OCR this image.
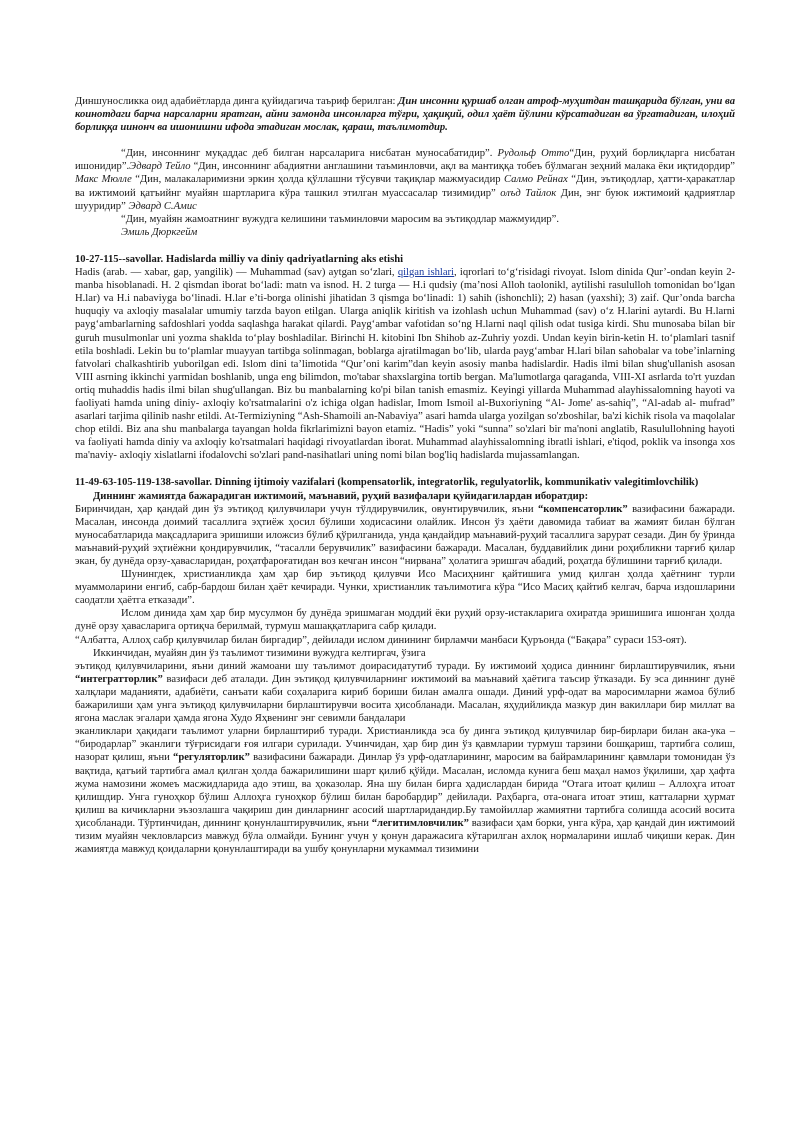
Диншуносликка оид адабиётларда динга қуйидагича таъриф берилган: Дин инсонни қуршаб олган атроф-муҳитдан ташқарида бўлган, уни ва коинотдаги барча нарсаларни яратган, айни замонда инсонларга тўғри, ҳақиқий, одил ҳаёт йўлини кўрсатадиган ва ўргатадиган, илоҳий борлиққа иинонч ва ишонишни ифода этадиган мослак, қараш, таълимотдир.

“Дин, инсоннинг муқаддас деб билган нарсаларига нисбатан муносабатидир”. Рудольф Отто“Дин, руҳий борлиқларга нисбатан ишонидир”.Эдвард Тейло “Дин, инсоннинг абадиятни англашини таъминловчи, ақл ва мантиққа тобеъ бўлмаган зеҳний малака ёки иқтидордир” Макс Мюлле “Дин, малакаларимизни эркин ҳолда қўллашни тўсувчи тақиқлар мажмуасидир Салмо Рейнах “Дин, эътиқодлар, ҳатти-ҳаракатлар ва ижтимоий қатъийнг муайян шартларига кўра ташкил этилган муассасалар тизимидир” олъд Тайлок Дин, энг буюк ижтимоий қадриятлар шууридир” Эдвард С.Амис

“Дин, муайян жамоатнинг вужудга келишини таъминловчи маросим ва эътиқодлар мажмуидир”.

Эмиль Дюркгейм

10-27-115--savollar. Hadislarda milliy va diniy qadriyatlarning aks etishi

Hadis (arab. — xabar, gap, yangilik) — Muhammad (sav) aytgan so‘zlari, qilgan ishlari, iqrorlari to‘g‘risidagi rivoyat. Islom dinida Qur’-ondan keyin 2-manba hisoblanadi. H. 2 qismdan iborat bo‘ladi: matn va isnod. H. 2 turga — H.i qudsiy (ma’nosi Alloh taolonikl, aytilishi rasululloh tomonidan bo‘lgan H.lar) va H.i nabaviyga bo‘linadi. H.lar e’ti-borga olinishi jihatidan 3 qismga bo‘linadi: 1) sahih (ishonchli); 2) hasan (yaxshi); 3) zaif. Qur’onda barcha huquqiy va axloqiy masalalar umumiy tarzda bayon etilgan. Ularga aniqlik kiritish va izohlash uchun Muhammad (sav) o‘z H.larini aytardi. Bu H.larni payg‘ambarlarning safdoshlari yodda saqlashga harakat qilardi. Payg‘ambar vafotidan so‘ng H.larni naql qilish odat tusiga kirdi. Shu munosaba bilan bir guruh musulmonlar uni yozma shaklda to‘play boshladilar. Birinchi H. kitobini Ibn Shihob az-Zuhriy yozdi. Undan keyin birin-ketin H. to‘plamlari tasnif etila boshladi. Lekin bu to‘plamlar muayyan tartibga solinmagan, boblarga ajratilmagan bo‘lib, ularda payg‘ambar H.lari bilan sahobalar va tobe’inlarning fatvolari chalkashtirib yuborilgan edi. Islom dini ta’limotida “Qur’oni karim”dan keyin asosiy manba hadislardir. Hadis ilmi bilan shug'ullanish asosan VIII asrning ikkinchi yarmidan boshlanib, unga eng bilimdon, mo'tabar shaxslargina tortib bergan. Ma'lumotlarga qaraganda, VIII-XI asrlarda to'rt yuzdan ortiq muhaddis hadis ilmi bilan shug'ullangan. Biz bu manbalarning ko'pi bilan tanish emasmiz. Keyingi yillarda Muhammad alayhissalomning hayoti va faoliyati hamda uning diniy- axloqiy ko'rsatmalarini o'z ichiga olgan hadislar, Imom Ismoil al-Buxoriyning “Al- Jome' as-sahiq”, “Al-adab al- mufrad” asarlari tarjima qilinib nashr etildi. At-Termiziyning “Ash-Shamoili an-Nabaviya” asari hamda ularga yozilgan so'zboshilar, ba'zi kichik risola va maqolalar chop etildi. Biz ana shu manbalarga tayangan holda fikrlarimizni bayon etamiz. “Hadis” yoki “sunna” so'zlari bir ma'noni anglatib, Rasulullohning hayoti va faoliyati hamda diniy va axloqiy ko'rsatmalari haqidagi rivoyatlardan iborat. Muhammad alayhissalomning ibratli ishlari, e'tiqod, poklik va insonga xos ma'naviy- axloqiy xislatlarni ifodalovchi so'zlari pand-nasihatlari uning nomi bilan bog'liq hadislarda mujassamlangan.

11-49-63-105-119-138-savollar. Dinning ijtimoiy vazifalari (kompensatorlik, integratorlik, regulyatorlik, kommunikativ valegitimlovchilik)

Диннинг жамиятда бажарадиган ижтимоий, маънавий, руҳий вазифалари қуйидагилардан иборатдир:

Биринчидан, ҳар қандай дин ўз эътиқод қилувчилари учун тўлдирувчилик, овунтирувчилик, яъни “компенсаторлик” вазифасини бажаради. Масалан, инсонда доимий тасаллига эҳтиёж ҳосил бўлиши ходисасини олайлик. Инсон ўз ҳаёти давомида табиат ва жамият билан бўлган муносабатларида мақсадларига эришиши иложсиз бўлиб қўрилганида, унда қандайдир маънавий-руҳий тасаллига зарурат сезади. Дин бу ўринда маънавий-руҳий эҳтиёжни қондирувчилик, “тасалли берувчилик” вазифасини бажаради. Масалан, буддавийлик дини роҳибликни тарғиб қилар экан, бу дунёда орзу-ҳавасларидан, роҳатфароғатидан воз кечган инсон “нирвана” ҳолатига эришгач абадий, роҳатда бўлишини тарғиб қилади.

Шунингдек, христианликда ҳам ҳар бир эътиқод қилувчи Исо Масиҳнинг қайтишига умид қилган ҳолда ҳаётнинг турли муаммоларини енгиб, сабр-бардош билан ҳаёт кечиради. Чунки, христианлик таълимотига кўра “Исо Масиҳ қайтиб келгач, барча издошларини саодатли ҳаётга етказади”.

Ислом динида ҳам ҳар бир мусулмон бу дунёда эришмаган моддий ёки руҳий орзу-истакларига охиратда эришишига ишонган ҳолда дунё орзу ҳавасларига ортиқча берилмай, турмуш машаққатларига сабр қилади.

“Албатта, Аллоҳ сабр қилувчилар билан биргадир”, дейилади ислом динининг бирламчи манбаси Қуръонда (“Бақара” сураси 153-оят).

Иккинчидан, муайян дин ўз таълимот тизимини вужудга келтиргач, ўзига

эътиқод қилувчиларини, яъни диний жамоани шу таълимот доирасидатутиб туради. Бу ижтимоий ҳодиса диннинг бирлаштирувчилик, яъни “интегратторлик” вазифаси деб аталади. Дин эътиқод қилувчиларнинг ижтимоий ва маънавий ҳаётига таъсир ўтказади. Бу эса диннинг дунё халқлари маданияти, адабиёти, санъати каби соҳаларига кириб бориши билан амалга ошади. Диний урф-одат ва маросимларни жамоа бўлиб бажарилиши ҳам унга эътиқод қилувчиларни бирлаштирувчи восита ҳисобланади. Масалан, яҳудийликда мазкур дин вакиллари бир миллат ва ягона маслак эгалари ҳамда ягона Худо Яҳвенинг энг севимли бандалари

эканликлари ҳақидаги таълимот уларни бирлаштириб туради. Христианликда эса бу динга эътиқод қилувчилар бир-бирлари билан ака-ука – “биродарлар” эканлиги тўғрисидаги ғоя илгари сурилади. Учинчидан, ҳар бир дин ўз қавмларии турмуш тарзини бошқариш, тартибга солиш, назорат қилиш, яъни “регуляторлик” вазифасини бажаради. Динлар ўз урф-одатларининг, маросим ва байрамларининг қавмлари томонидан ўз вақтида, қатъий тартибга амал қилган ҳолда бажарилишини шарт қилиб қўйди. Масалан, исломда кунига беш маҳал намоз ўқилиши, ҳар ҳафта жума намозини жомеъ масжидларида адо этиш, ва ҳоказолар. Яна шу билан бирга ҳадислардан бирида “Отага итоат қилиш – Аллоҳга итоат қилишдир. Унга гуноҳкор бўлиш Аллоҳга гуноҳкор бўлиш билан баробардир” дейилади. Раҳбарга, ота-онага итоат этиш, катталарни ҳурмат қилиш ва кичикларни эъзозлашга чақириш дин динларнинг асосий шартларидандир.Бу тамойиллар жамиятни тартибга солишда асосий восита ҳисобланади. Тўртинчидан, диннинг қонунлаштирувчилик, яъни “легитимловчилик” вазифаси ҳам борки, унга кўра, ҳар қандай дин ижтимоий тизим муайян чекловларсиз мавжуд бўла олмайди. Бунинг учун у қонун даражасига кўтарилган ахлоқ нормаларини ишлаб чиқиши керак. Дин жамиятда мавжуд қоидаларни қонунлаштиради ва ушбу қонунларни мукаммал тизимини
